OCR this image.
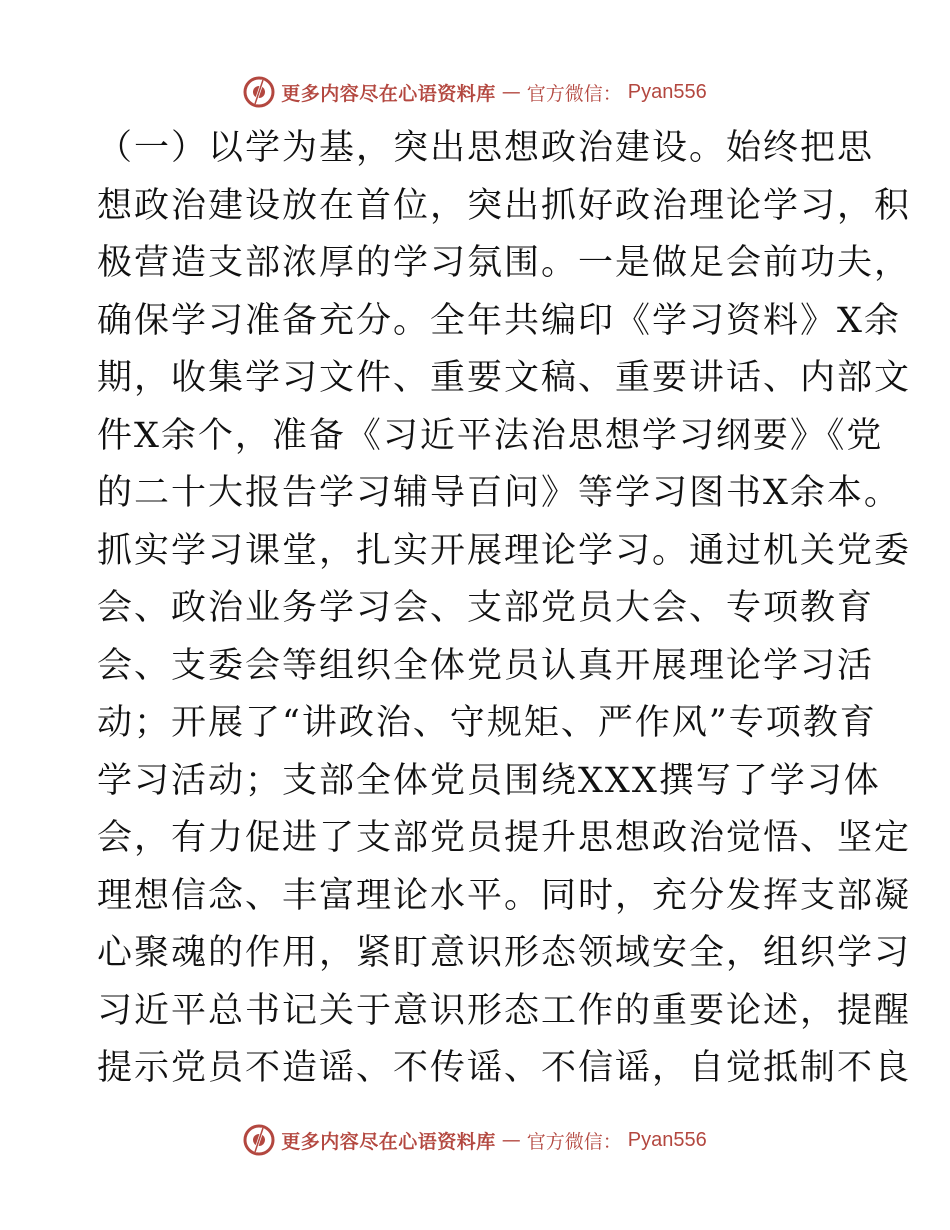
更多内容尽在心语资料库 — 官方微信： Pyan556
（一）以学为基，突出思想政治建设。始终把思
想政治建设放在首位，突出抓好政治理论学习，积
极营造支部浓厚的学习氛围。一是做足会前功夫，
确保学习准备充分。全年共编印《学习资料》X余
期，收集学习文件、重要文稿、重要讲话、内部文
件X余个，准备《习近平法治思想学习纲要》《党
的二十大报告学习辅导百问》等学习图书X余本。
抓实学习课堂，扎实开展理论学习。通过机关党委
会、政治业务学习会、支部党员大会、专项教育
会、支委会等组织全体党员认真开展理论学习活
动；开展了“讲政治、守规矩、严作风”专项教育
学习活动；支部全体党员围绕XXX撰写了学习体
会，有力促进了支部党员提升思想政治觉悟、坚定
理想信念、丰富理论水平。同时，充分发挥支部凝
心聚魂的作用，紧盯意识形态领域安全，组织学习
习近平总书记关于意识形态工作的重要论述，提醒
提示党员不造谣、不传谣、不信谣，自觉抵制不良
更多内容尽在心语资料库 — 官方微信： Pyan556
